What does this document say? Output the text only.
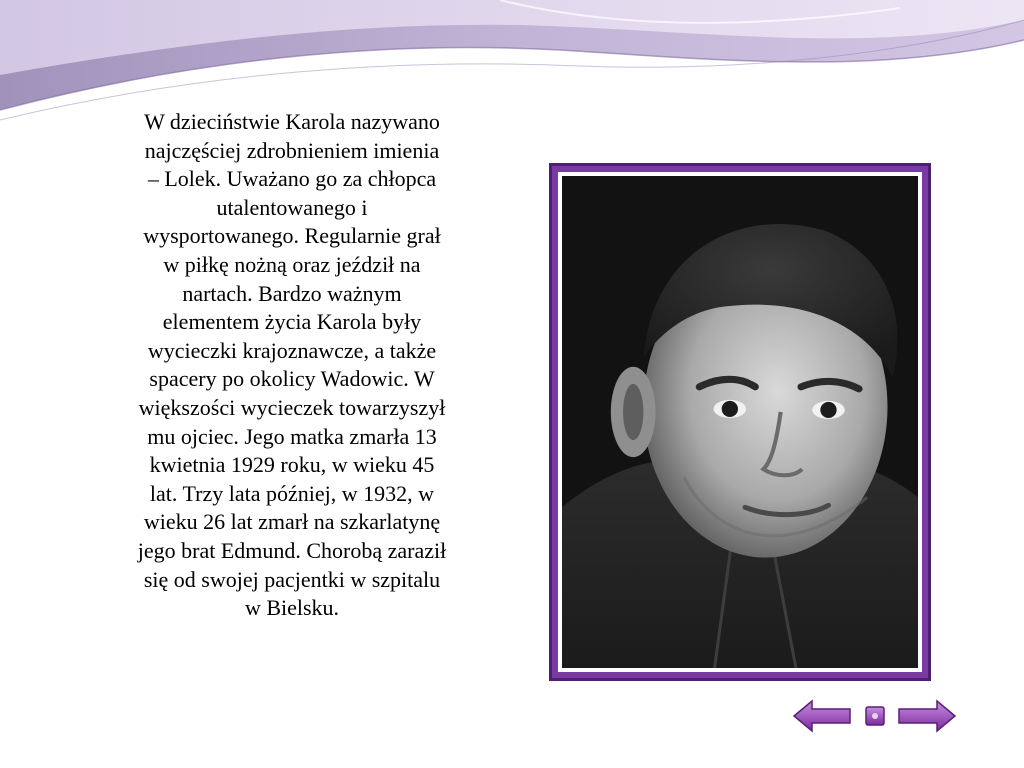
W dzieciństwie Karola nazywano
najczęściej zdrobnieniem imienia
– Lolek. Uważano go za chłopca
utalentowanego i
wysportowanego. Regularnie grał
w piłkę nożną oraz jeździł na
nartach. Bardzo ważnym
elementem życia Karola były
wycieczki krajoznawcze, a także
spacery po okolicy Wadowic. W
większości wycieczek towarzyszył
mu ojciec. Jego matka zmarła 13
kwietnia 1929 roku, w wieku 45
lat. Trzy lata później, w 1932, w
wieku 26 lat zmarł na szkarlatynę
jego brat Edmund. Chorobą zaraził
się od swojej pacjentki w szpitalu
w Bielsku.
